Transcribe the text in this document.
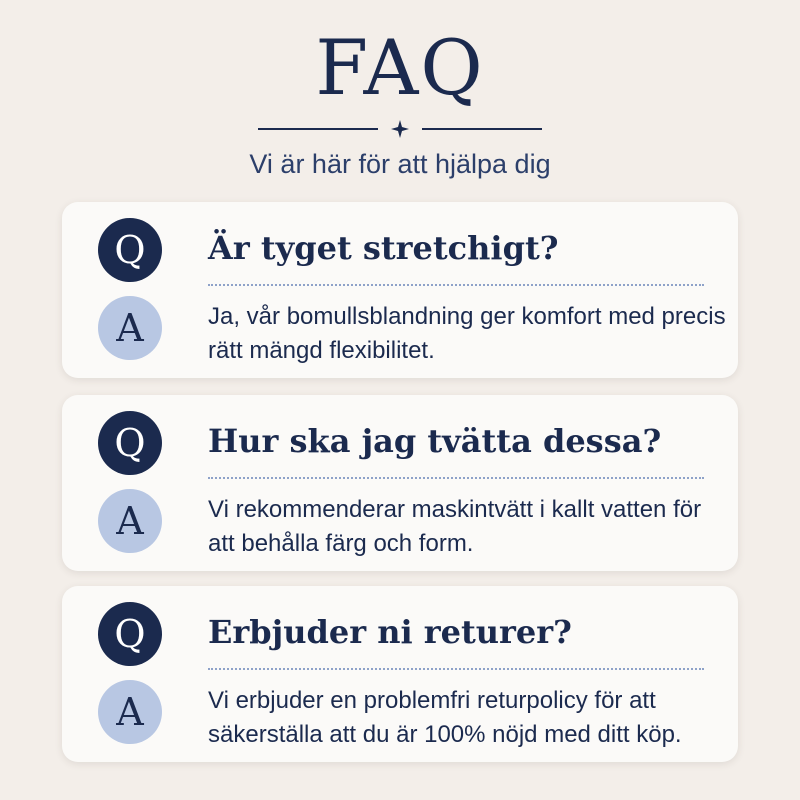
FAQ
Vi är här för att hjälpa dig
Q	Är tyget stretchigt?
A	Ja, vår bomullsblandning ger komfort med precis rätt mängd flexibilitet.
Q	Hur ska jag tvätta dessa?
A	Vi rekommenderar maskintvätt i kallt vatten för att behålla färg och form.
Q	Erbjuder ni returer?
A	Vi erbjuder en problemfri returpolicy för att säkerställa att du är 100% nöjd med ditt köp.
